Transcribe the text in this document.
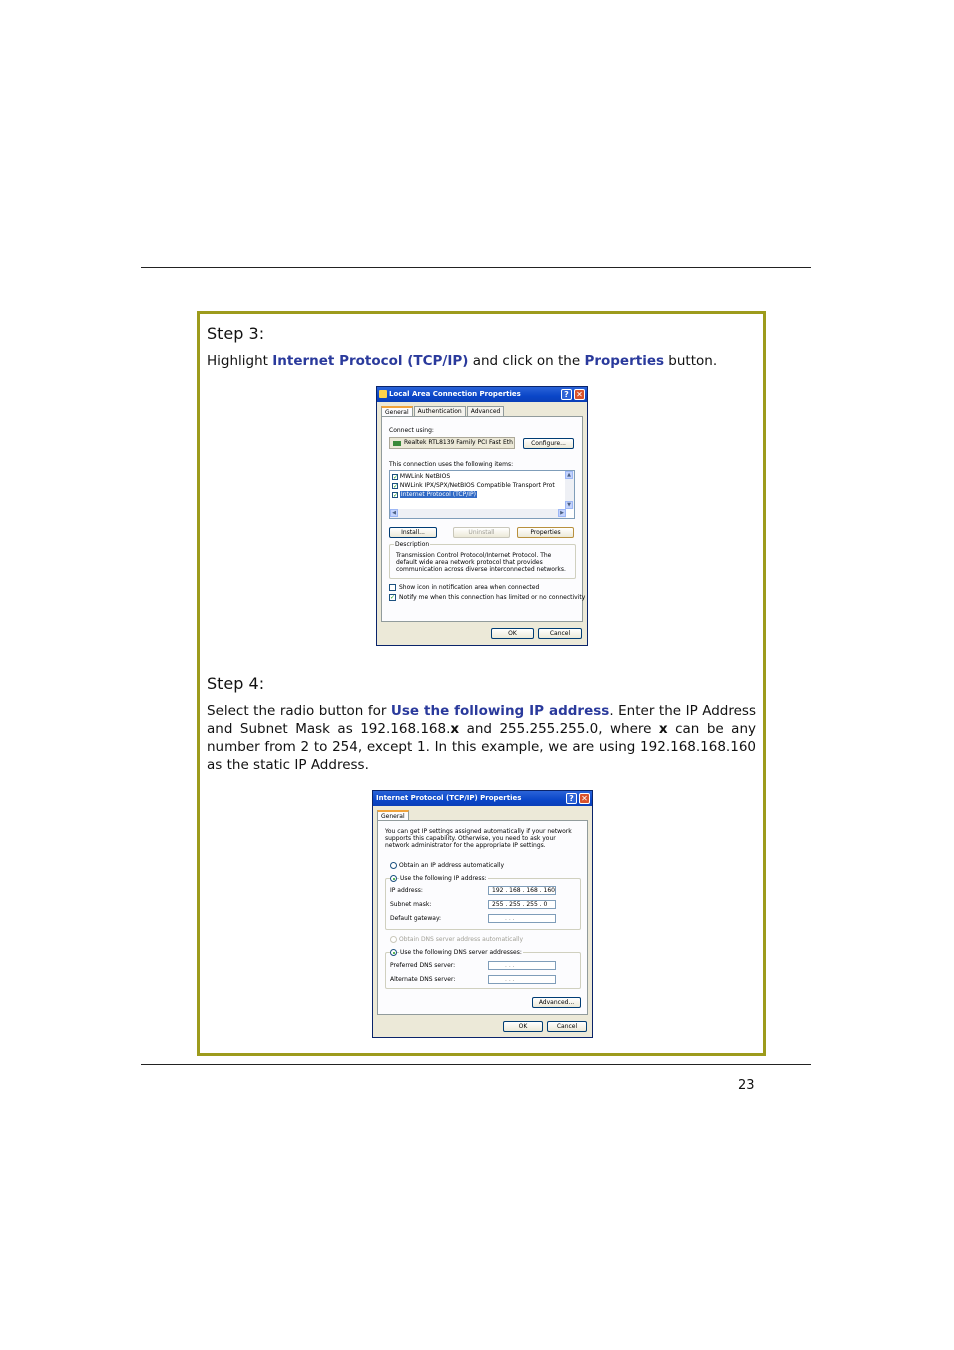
Step 3:
Highlight Internet Protocol (TCP/IP) and click on the Properties button.
Local Area Connection Properties	? ✕
General	Authentication	Advanced
Connect using:
Realtek RTL8139 Family PCI Fast Eth	Configure...
This connection uses the following items:
✓ MWLink NetBIOS
✓ NWLink IPX/SPX/NetBIOS Compatible Transport Prot
✓ Internet Protocol (TCP/IP)
▲
▼
◀	▶
Install...	Uninstall	Properties
Description
Transmission Control Protocol/Internet Protocol. The default wide area network protocol that provides communication across diverse interconnected networks.
Show icon in notification area when connected
✓ Notify me when this connection has limited or no connectivity
OK	Cancel
Step 4:
Select the radio button for Use the following IP address. Enter the IP Address and Subnet Mask as 192.168.168.x and 255.255.255.0, where x can be any number from 2 to 254, except 1. In this example, we are using 192.168.168.160 as the static IP Address.
Internet Protocol (TCP/IP) Properties	? ✕
General
You can get IP settings assigned automatically if your network supports this capability. Otherwise, you need to ask your network administrator for the appropriate IP settings.
Obtain an IP address automatically
Use the following IP address:
IP address:	192 . 168 . 168 . 160
Subnet mask:	255 . 255 . 255 . 0
Default gateway:	. . .
Obtain DNS server address automatically
Use the following DNS server addresses:
Preferred DNS server:	. . .
Alternate DNS server:	. . .
Advanced...
OK	Cancel
23
